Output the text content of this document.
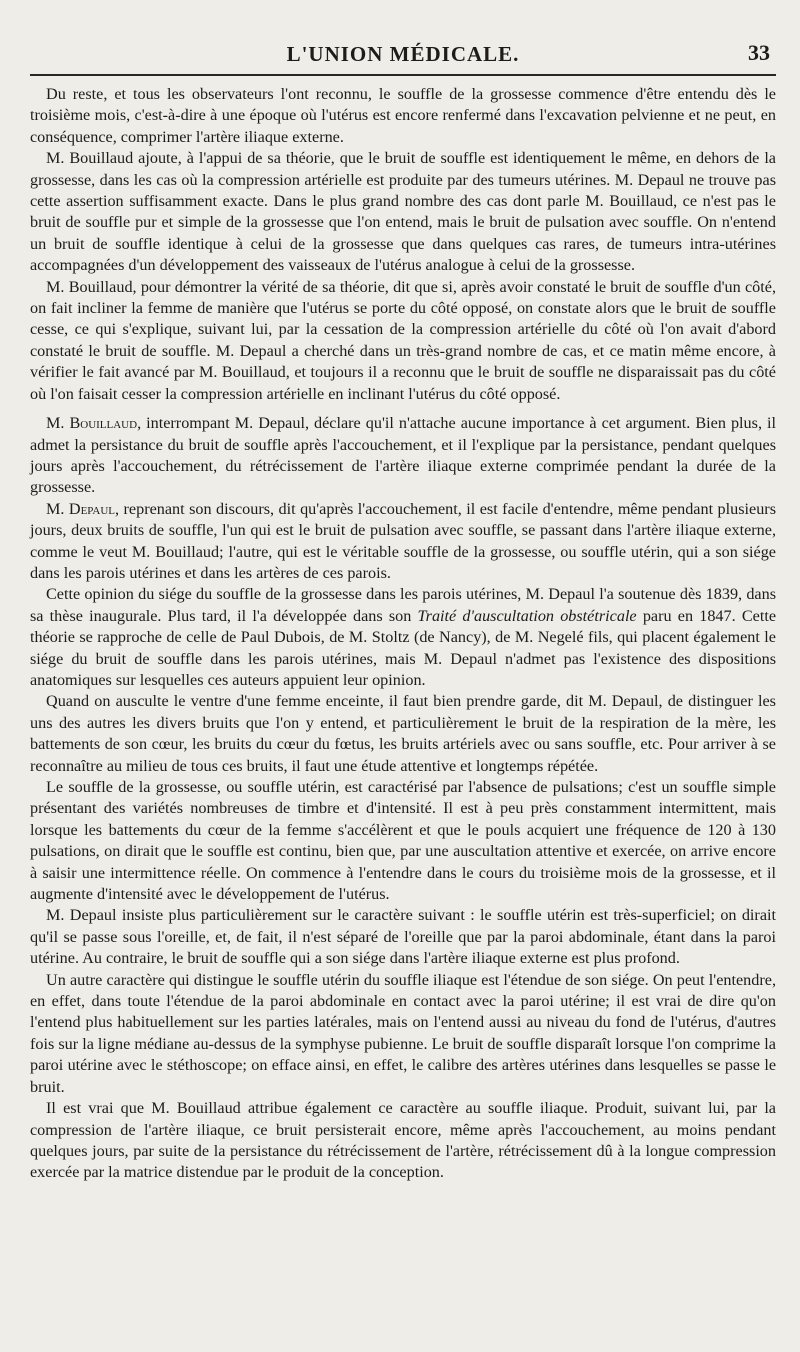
L'UNION MÉDICALE.	33

Du reste, et tous les observateurs l'ont reconnu, le souffle de la grossesse commence d'être entendu dès le troisième mois, c'est-à-dire à une époque où l'utérus est encore renfermé dans l'excavation pelvienne et ne peut, en conséquence, comprimer l'artère iliaque externe.

M. Bouillaud ajoute, à l'appui de sa théorie, que le bruit de souffle est identiquement le même, en dehors de la grossesse, dans les cas où la compression artérielle est produite par des tumeurs utérines. M. Depaul ne trouve pas cette assertion suffisamment exacte. Dans le plus grand nombre des cas dont parle M. Bouillaud, ce n'est pas le bruit de souffle pur et simple de la grossesse que l'on entend, mais le bruit de pulsation avec souffle. On n'entend un bruit de souffle identique à celui de la grossesse que dans quelques cas rares, de tumeurs intra-utérines accompagnées d'un développement des vaisseaux de l'utérus analogue à celui de la grossesse.

M. Bouillaud, pour démontrer la vérité de sa théorie, dit que si, après avoir constaté le bruit de souffle d'un côté, on fait incliner la femme de manière que l'utérus se porte du côté opposé, on constate alors que le bruit de souffle cesse, ce qui s'explique, suivant lui, par la cessation de la compression artérielle du côté où l'on avait d'abord constaté le bruit de souffle. M. Depaul a cherché dans un très-grand nombre de cas, et ce matin même encore, à vérifier le fait avancé par M. Bouillaud, et toujours il a reconnu que le bruit de souffle ne disparaissait pas du côté où l'on faisait cesser la compression artérielle en inclinant l'utérus du côté opposé.

M. Bouillaud, interrompant M. Depaul, déclare qu'il n'attache aucune importance à cet argument. Bien plus, il admet la persistance du bruit de souffle après l'accouchement, et il l'explique par la persistance, pendant quelques jours après l'accouchement, du rétrécissement de l'artère iliaque externe comprimée pendant la durée de la grossesse.

M. Depaul, reprenant son discours, dit qu'après l'accouchement, il est facile d'entendre, même pendant plusieurs jours, deux bruits de souffle, l'un qui est le bruit de pulsation avec souffle, se passant dans l'artère iliaque externe, comme le veut M. Bouillaud; l'autre, qui est le véritable souffle de la grossesse, ou souffle utérin, qui a son siége dans les parois utérines et dans les artères de ces parois.

Cette opinion du siége du souffle de la grossesse dans les parois utérines, M. Depaul l'a soutenue dès 1839, dans sa thèse inaugurale. Plus tard, il l'a développée dans son Traité d'auscultation obstétricale paru en 1847. Cette théorie se rapproche de celle de Paul Dubois, de M. Stoltz (de Nancy), de M. Negelé fils, qui placent également le siége du bruit de souffle dans les parois utérines, mais M. Depaul n'admet pas l'existence des dispositions anatomiques sur lesquelles ces auteurs appuient leur opinion.

Quand on ausculte le ventre d'une femme enceinte, il faut bien prendre garde, dit M. Depaul, de distinguer les uns des autres les divers bruits que l'on y entend, et particulièrement le bruit de la respiration de la mère, les battements de son cœur, les bruits du cœur du fœtus, les bruits artériels avec ou sans souffle, etc. Pour arriver à se reconnaître au milieu de tous ces bruits, il faut une étude attentive et longtemps répétée.

Le souffle de la grossesse, ou souffle utérin, est caractérisé par l'absence de pulsations; c'est un souffle simple présentant des variétés nombreuses de timbre et d'intensité. Il est à peu près constamment intermittent, mais lorsque les battements du cœur de la femme s'accélèrent et que le pouls acquiert une fréquence de 120 à 130 pulsations, on dirait que le souffle est continu, bien que, par une auscultation attentive et exercée, on arrive encore à saisir une intermittence réelle. On commence à l'entendre dans le cours du troisième mois de la grossesse, et il augmente d'intensité avec le développement de l'utérus.

M. Depaul insiste plus particulièrement sur le caractère suivant : le souffle utérin est très-superficiel; on dirait qu'il se passe sous l'oreille, et, de fait, il n'est séparé de l'oreille que par la paroi abdominale, étant dans la paroi utérine. Au contraire, le bruit de souffle qui a son siége dans l'artère iliaque externe est plus profond.

Un autre caractère qui distingue le souffle utérin du souffle iliaque est l'étendue de son siége. On peut l'entendre, en effet, dans toute l'étendue de la paroi abdominale en contact avec la paroi utérine; il est vrai de dire qu'on l'entend plus habituellement sur les parties latérales, mais on l'entend aussi au niveau du fond de l'utérus, d'autres fois sur la ligne médiane au-dessus de la symphyse pubienne. Le bruit de souffle disparaît lorsque l'on comprime la paroi utérine avec le stéthoscope; on efface ainsi, en effet, le calibre des artères utérines dans lesquelles se passe le bruit.

Il est vrai que M. Bouillaud attribue également ce caractère au souffle iliaque. Produit, suivant lui, par la compression de l'artère iliaque, ce bruit persisterait encore, même après l'accouchement, au moins pendant quelques jours, par suite de la persistance du rétrécissement de l'artère, rétrécissement dû à la longue compression exercée par la matrice distendue par le produit de la conception.
